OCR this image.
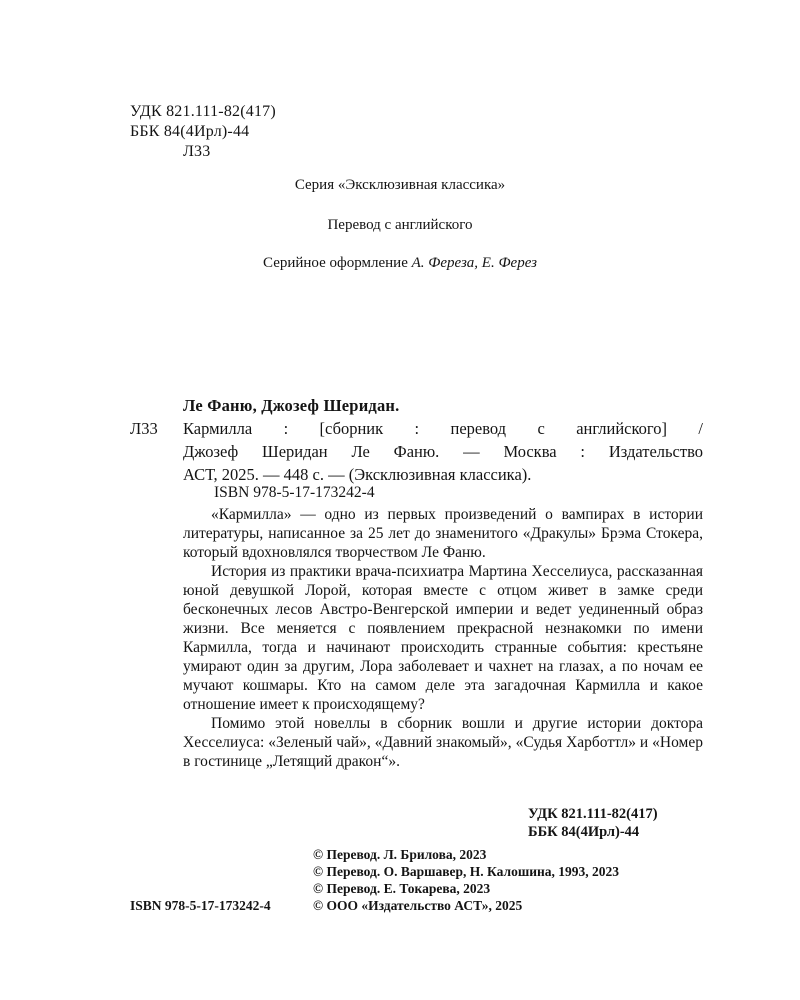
УДК 821.111-82(417)
ББК 84(4Ирл)-44
Л33
Серия «Эксклюзивная классика»
Перевод с английского
Серийное оформление А. Фереза, Е. Ферез
Ле Фаню, Джозеф Шеридан.
Кармилла : [сборник : перевод с английского] /
Джозеф Шеридан Ле Фаню. — Москва : Издательство
АСТ, 2025. — 448 с. — (Эксклюзивная классика).
Л33
ISBN 978-5-17-173242-4

«Кармилла» — одно из первых произведений о вампирах в истории литературы, написанное за 25 лет до знаменитого «Дракулы» Брэма Стокера, который вдохновлялся творчеством Ле Фаню.

История из практики врача-психиатра Мартина Хесселиуса, рассказанная юной девушкой Лорой, которая вместе с отцом живет в замке среди бесконечных лесов Австро-Венгерской империи и ведет уединенный образ жизни. Все меняется с появлением прекрасной незнакомки по имени Кармилла, тогда и начинают происходить странные события: крестьяне умирают один за другим, Лора заболевает и чахнет на глазах, а по ночам ее мучают кошмары. Кто на самом деле эта загадочная Кармилла и какое отношение имеет к происходящему?

Помимо этой новеллы в сборник вошли и другие истории доктора Хесселиуса: «Зеленый чай», «Давний знакомый», «Судья Харботтл» и «Номер в гостинице „Летящий дракон“».

УДК 821.111-82(417)
ББК 84(4Ирл)-44
© Перевод. Л. Брилова, 2023
© Перевод. О. Варшавер, Н. Калошина, 1993, 2023
© Перевод. Е. Токарева, 2023
© ООО «Издательство АСТ», 2025
ISBN 978-5-17-173242-4
